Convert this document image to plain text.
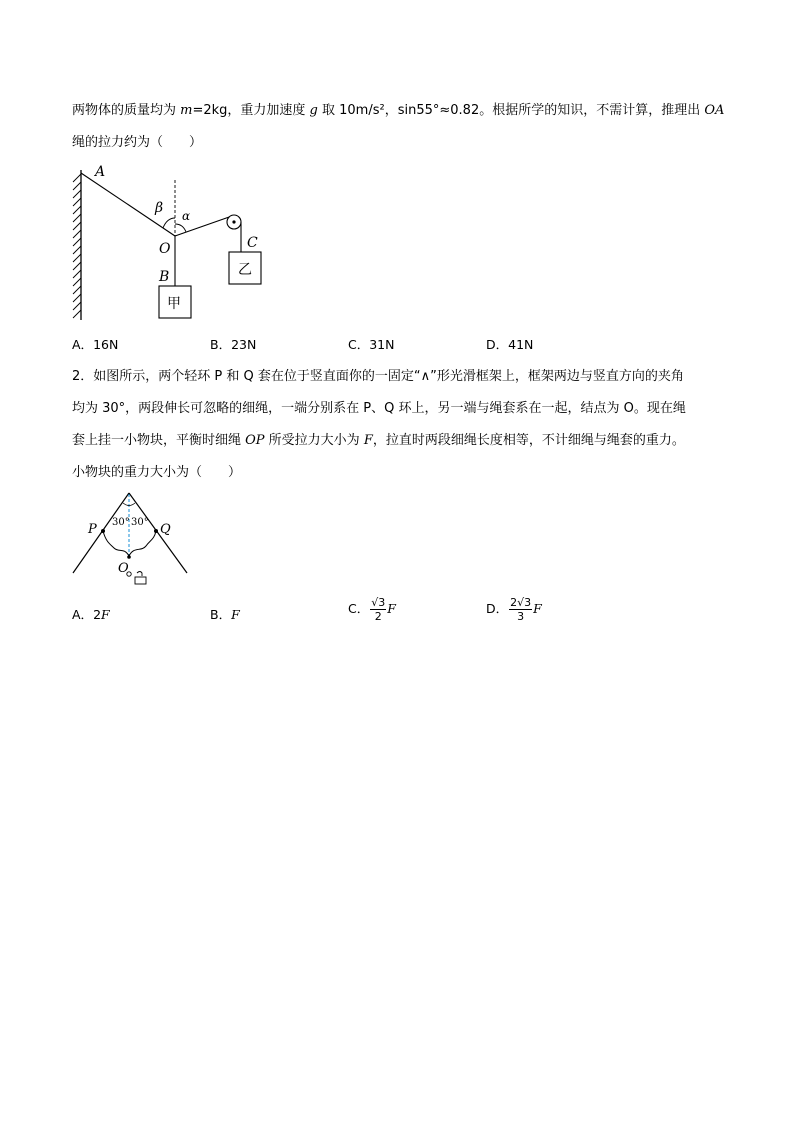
两物体的质量均为 m=2kg，重力加速度 g 取 10m/s²，sin55°≈0.82。根据所学的知识，不需计算，推理出 OA
绳的拉力约为（　　）
A
β α
O
B
C
乙
甲
A．16N	B．23N	C．31N	D．41N
2．如图所示，两个轻环 P 和 Q 套在位于竖直面你的一固定“∧”形光滑框架上，框架两边与竖直方向的夹角
均为 30°，两段伸长可忽略的细绳，一端分别系在 P、Q 环上，另一端与绳套系在一起，结点为 O。现在绳
套上挂一小物块，平衡时细绳 OP 所受拉力大小为 F，拉直时两段细绳长度相等，不计细绳与绳套的重力。
小物块的重力大小为（　　）
P	Q
O
30° 30°
A．2F	B．F	C． $\frac{√3}{2}$ F	D． $\frac{2√3}{3}$ F
